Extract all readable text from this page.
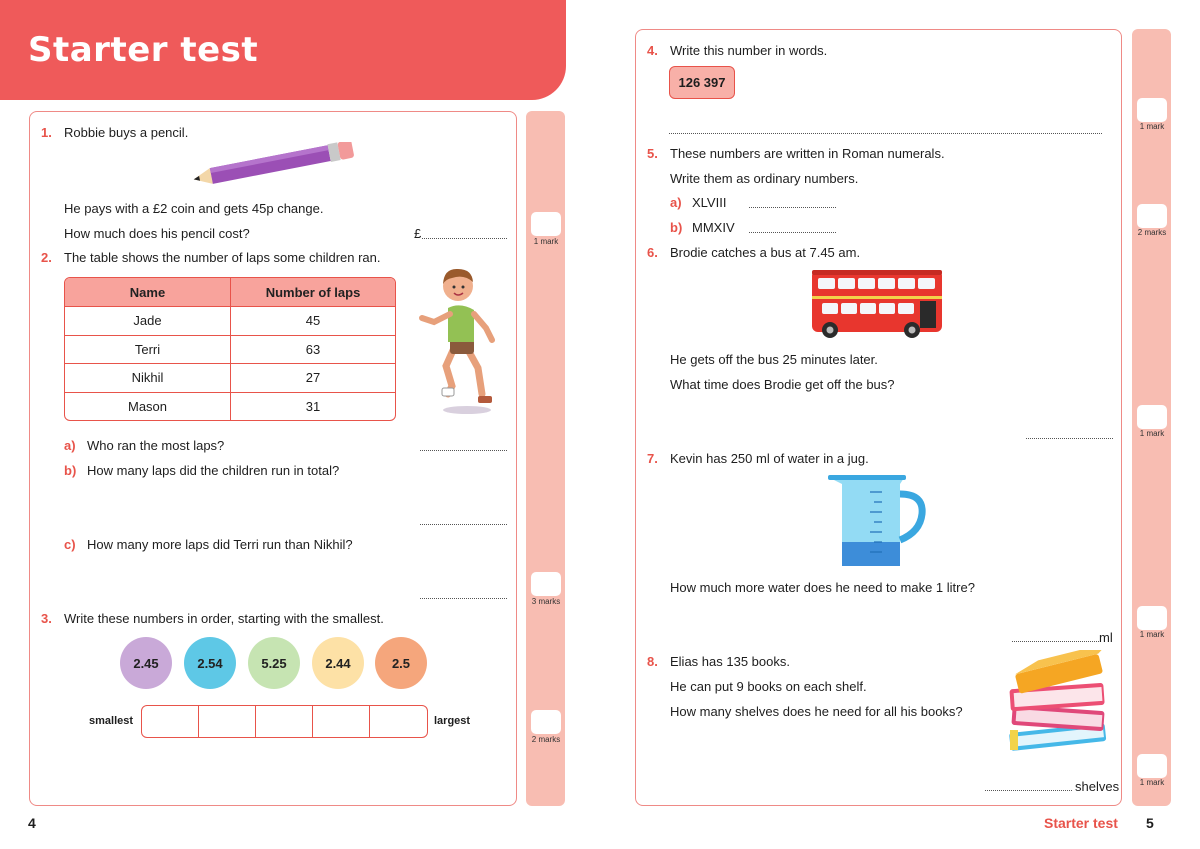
Starter test
1. Robbie buys a pencil.
He pays with a £2 coin and gets 45p change.
How much does his pencil cost?	£
2. The table shows the number of laps some children ran.
Name	Number of laps
Jade	45
Terri	63
Nikhil	27
Mason	31
a) Who ran the most laps?
b) How many laps did the children run in total?
c) How many more laps did Terri run than Nikhil?
3. Write these numbers in order, starting with the smallest.
2.45	2.54	5.25	2.44	2.5
smallest	largest
1 mark
3 marks
2 marks
4
4. Write this number in words.
126 397
5. These numbers are written in Roman numerals.
Write them as ordinary numbers.
a) XLVIII
b) MMXIV
6. Brodie catches a bus at 7.45 am.
He gets off the bus 25 minutes later.
What time does Brodie get off the bus?
7. Kevin has 250 ml of water in a jug.
How much more water does he need to make 1 litre?
ml
8. Elias has 135 books.
He can put 9 books on each shelf.
How many shelves does he need for all his books?
shelves
1 mark
2 marks
1 mark
1 mark
1 mark
Starter test 5
